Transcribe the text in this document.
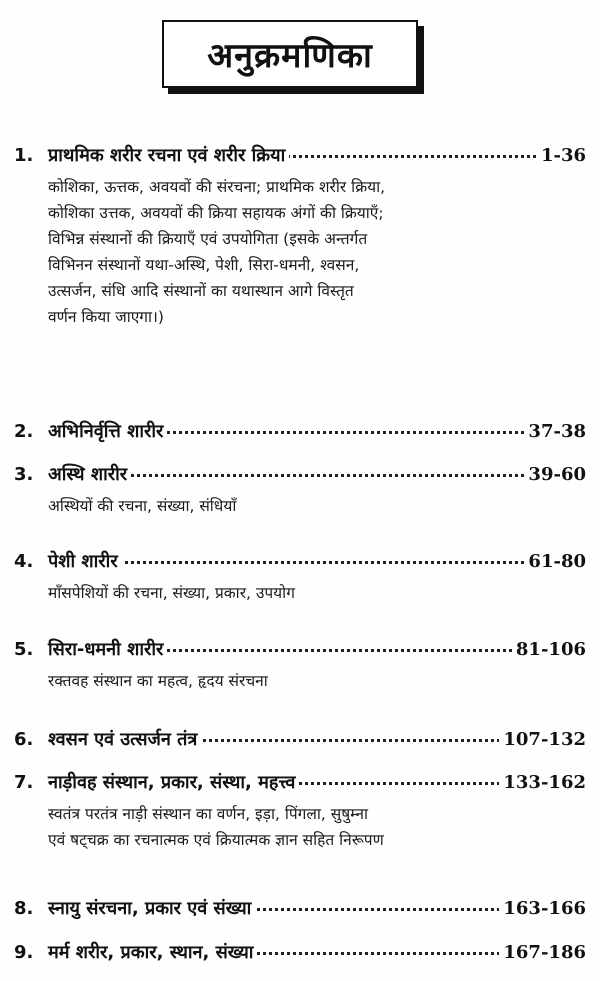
अनुक्रमणिका
1. प्राथमिक शरीर रचना एवं शरीर क्रिया	1-36
कोशिका, ऊत्तक, अवयवों की संरचना; प्राथमिक शरीर क्रिया,
कोशिका उत्तक, अवयवों की क्रिया सहायक अंगों की क्रियाएँ;
विभिन्न संस्थानों की क्रियाएँ एवं उपयोगिता (इसके अन्तर्गत
विभिनन संस्थानों यथा-अस्थि, पेशी, सिरा-धमनी, श्वसन,
उत्सर्जन, संधि आदि संस्थानों का यथास्थान आगे विस्तृत
वर्णन किया जाएगा।)
2. अभिनिर्वृत्ति शारीर	37-38
3. अस्थि शारीर	39-60
अस्थियों की रचना, संख्या, संधियाँ
4. पेशी शारीर	61-80
माँसपेशियों की रचना, संख्या, प्रकार, उपयोग
5. सिरा-धमनी शारीर	81-106
रक्तवह संस्थान का महत्व, हृदय संरचना
6. श्वसन एवं उत्सर्जन तंत्र	107-132
7. नाड़ीवह संस्थान, प्रकार, संस्था, महत्त्व	133-162
स्वतंत्र परतंत्र नाड़ी संस्थान का वर्णन, इड़ा, पिंगला, सुषुम्ना
एवं षट्चक्र का रचनात्मक एवं क्रियात्मक ज्ञान सहित निरूपण
8. स्नायु संरचना, प्रकार एवं संख्या	163-166
9. मर्म शरीर, प्रकार, स्थान, संख्या	167-186
